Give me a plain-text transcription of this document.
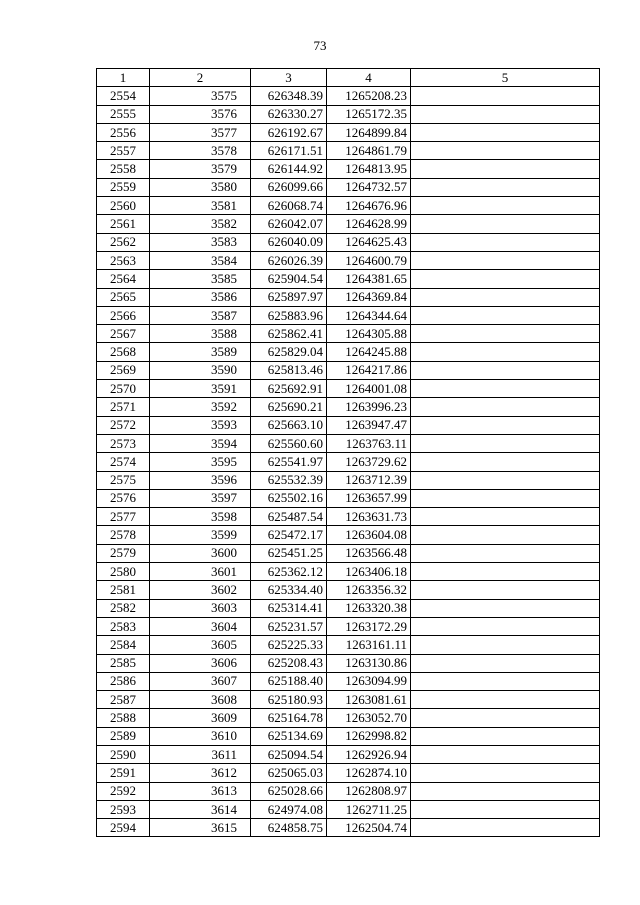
73
1	2	3	4	5
2554	3575	626348.39	1265208.23	
2555	3576	626330.27	1265172.35	
2556	3577	626192.67	1264899.84	
2557	3578	626171.51	1264861.79	
2558	3579	626144.92	1264813.95	
2559	3580	626099.66	1264732.57	
2560	3581	626068.74	1264676.96	
2561	3582	626042.07	1264628.99	
2562	3583	626040.09	1264625.43	
2563	3584	626026.39	1264600.79	
2564	3585	625904.54	1264381.65	
2565	3586	625897.97	1264369.84	
2566	3587	625883.96	1264344.64	
2567	3588	625862.41	1264305.88	
2568	3589	625829.04	1264245.88	
2569	3590	625813.46	1264217.86	
2570	3591	625692.91	1264001.08	
2571	3592	625690.21	1263996.23	
2572	3593	625663.10	1263947.47	
2573	3594	625560.60	1263763.11	
2574	3595	625541.97	1263729.62	
2575	3596	625532.39	1263712.39	
2576	3597	625502.16	1263657.99	
2577	3598	625487.54	1263631.73	
2578	3599	625472.17	1263604.08	
2579	3600	625451.25	1263566.48	
2580	3601	625362.12	1263406.18	
2581	3602	625334.40	1263356.32	
2582	3603	625314.41	1263320.38	
2583	3604	625231.57	1263172.29	
2584	3605	625225.33	1263161.11	
2585	3606	625208.43	1263130.86	
2586	3607	625188.40	1263094.99	
2587	3608	625180.93	1263081.61	
2588	3609	625164.78	1263052.70	
2589	3610	625134.69	1262998.82	
2590	3611	625094.54	1262926.94	
2591	3612	625065.03	1262874.10	
2592	3613	625028.66	1262808.97	
2593	3614	624974.08	1262711.25	
2594	3615	624858.75	1262504.74	
